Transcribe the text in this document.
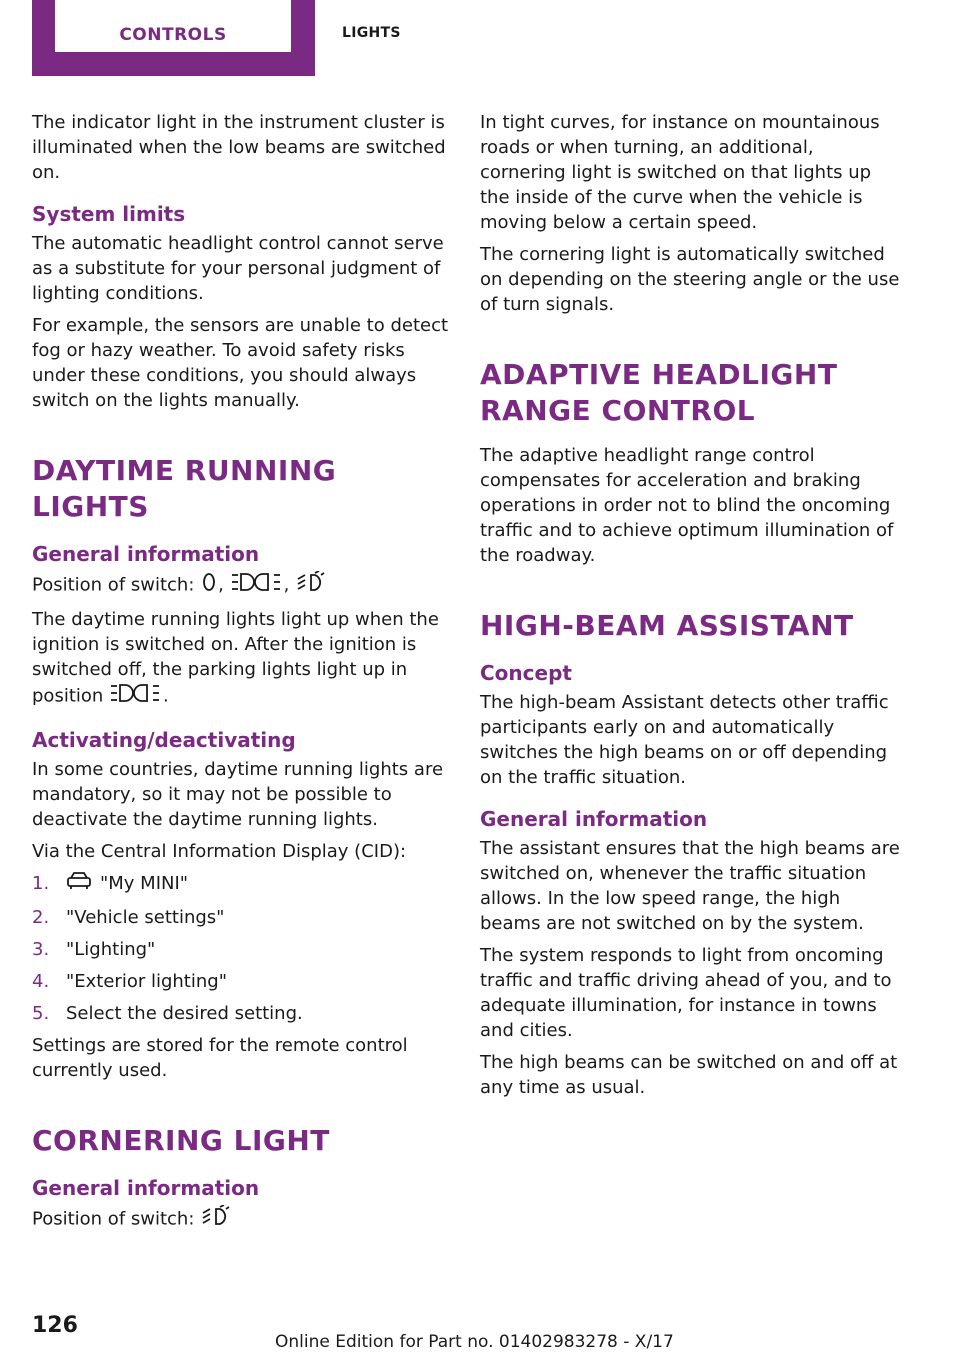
CONTROLS	LIGHTS

The indicator light in the instrument cluster is illuminated when the low beams are switched on.

System limits

The automatic headlight control cannot serve as a substitute for your personal judgment of lighting conditions.

For example, the sensors are unable to detect fog or hazy weather. To avoid safety risks under these conditions, you should always switch on the lights manually.

DAYTIME RUNNING LIGHTS
General information

Position of switch: ,	,

The daytime running lights light up when the ignition is switched on. After the ignition is switched off, the parking lights light up in position	.

Activating/deactivating

In some countries, daytime running lights are mandatory, so it may not be possible to deactivate the daytime running lights.

Via the Central Information Display (CID):

1.	"My MINI"
2. "Vehicle settings"
3. "Lighting"
4. "Exterior lighting"
5. Select the desired setting.

Settings are stored for the remote control currently used.

CORNERING LIGHT
General information

Position of switch:

In tight curves, for instance on mountainous roads or when turning, an additional, cornering light is switched on that lights up the inside of the curve when the vehicle is moving below a certain speed.

The cornering light is automatically switched on depending on the steering angle or the use of turn signals.

ADAPTIVE HEADLIGHT RANGE CONTROL

The adaptive headlight range control compensates for acceleration and braking operations in order not to blind the oncoming traffic and to achieve optimum illumination of the roadway.

HIGH-BEAM ASSISTANT
Concept

The high-beam Assistant detects other traffic participants early on and automatically switches the high beams on or off depending on the traffic situation.

General information

The assistant ensures that the high beams are switched on, whenever the traffic situation allows. In the low speed range, the high beams are not switched on by the system.

The system responds to light from oncoming traffic and traffic driving ahead of you, and to adequate illumination, for instance in towns and cities.

The high beams can be switched on and off at any time as usual.

126
Online Edition for Part no. 01402983278 - X/17
